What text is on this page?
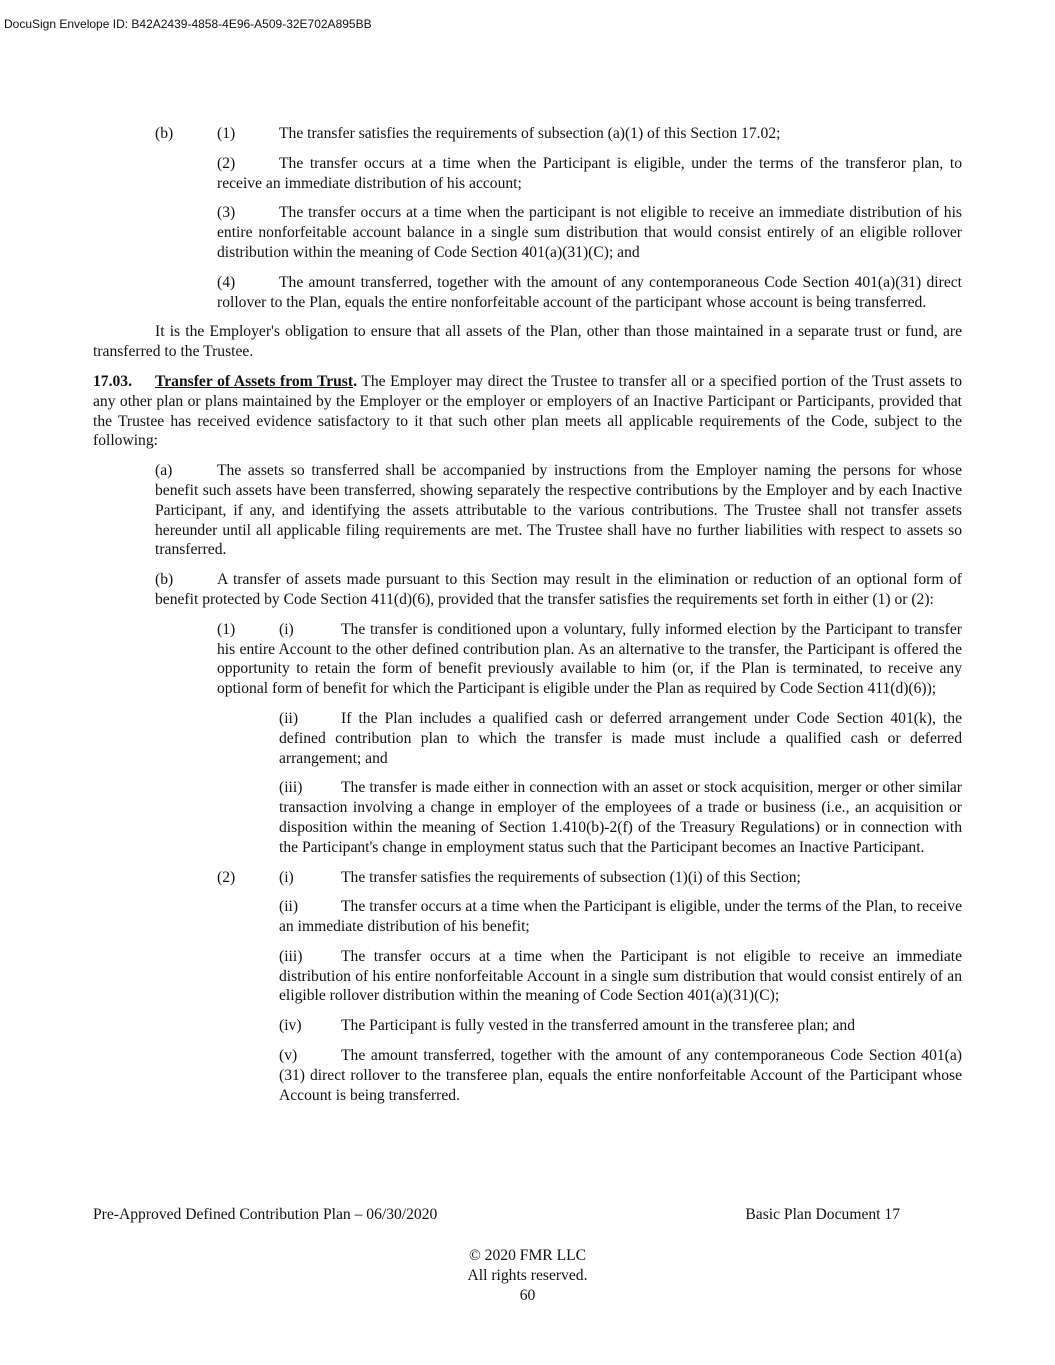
DocuSign Envelope ID: B42A2439-4858-4E96-A509-32E702A895BB

(b)	(1)	The transfer satisfies the requirements of subsection (a)(1) of this Section 17.02;

(2)	The transfer occurs at a time when the Participant is eligible, under the terms of the transferor plan, to receive an immediate distribution of his account;

(3)	The transfer occurs at a time when the participant is not eligible to receive an immediate distribution of his entire nonforfeitable account balance in a single sum distribution that would consist entirely of an eligible rollover distribution within the meaning of Code Section 401(a)(31)(C); and

(4)	The amount transferred, together with the amount of any contemporaneous Code Section 401(a)(31) direct rollover to the Plan, equals the entire nonforfeitable account of the participant whose account is being transferred.

It is the Employer's obligation to ensure that all assets of the Plan, other than those maintained in a separate trust or fund, are transferred to the Trustee.

17.03. Transfer of Assets from Trust. The Employer may direct the Trustee to transfer all or a specified portion of the Trust assets to any other plan or plans maintained by the Employer or the employer or employers of an Inactive Participant or Participants, provided that the Trustee has received evidence satisfactory to it that such other plan meets all applicable requirements of the Code, subject to the following:

(a)	The assets so transferred shall be accompanied by instructions from the Employer naming the persons for whose benefit such assets have been transferred, showing separately the respective contributions by the Employer and by each Inactive Participant, if any, and identifying the assets attributable to the various contributions. The Trustee shall not transfer assets hereunder until all applicable filing requirements are met. The Trustee shall have no further liabilities with respect to assets so transferred.

(b)	A transfer of assets made pursuant to this Section may result in the elimination or reduction of an optional form of benefit protected by Code Section 411(d)(6), provided that the transfer satisfies the requirements set forth in either (1) or (2):

(1)	(i)	The transfer is conditioned upon a voluntary, fully informed election by the Participant to transfer his entire Account to the other defined contribution plan. As an alternative to the transfer, the Participant is offered the opportunity to retain the form of benefit previously available to him (or, if the Plan is terminated, to receive any optional form of benefit for which the Participant is eligible under the Plan as required by Code Section 411(d)(6));

(ii)	If the Plan includes a qualified cash or deferred arrangement under Code Section 401(k), the defined contribution plan to which the transfer is made must include a qualified cash or deferred arrangement; and

(iii) The transfer is made either in connection with an asset or stock acquisition, merger or other similar transaction involving a change in employer of the employees of a trade or business (i.e., an acquisition or disposition within the meaning of Section 1.410(b)-2(f) of the Treasury Regulations) or in connection with the Participant's change in employment status such that the Participant becomes an Inactive Participant.

(2)	(i)	The transfer satisfies the requirements of subsection (1)(i) of this Section;

(ii)	The transfer occurs at a time when the Participant is eligible, under the terms of the Plan, to receive an immediate distribution of his benefit;

(iii) The transfer occurs at a time when the Participant is not eligible to receive an immediate distribution of his entire nonforfeitable Account in a single sum distribution that would consist entirely of an eligible rollover distribution within the meaning of Code Section 401(a)(31)(C);

(iv)	The Participant is fully vested in the transferred amount in the transferee plan; and

(v)	The amount transferred, together with the amount of any contemporaneous Code Section 401(a)(31) direct rollover to the transferee plan, equals the entire nonforfeitable Account of the Participant whose Account is being transferred.

Pre-Approved Defined Contribution Plan – 06/30/2020	Basic Plan Document 17
© 2020 FMR LLC
All rights reserved.
60
